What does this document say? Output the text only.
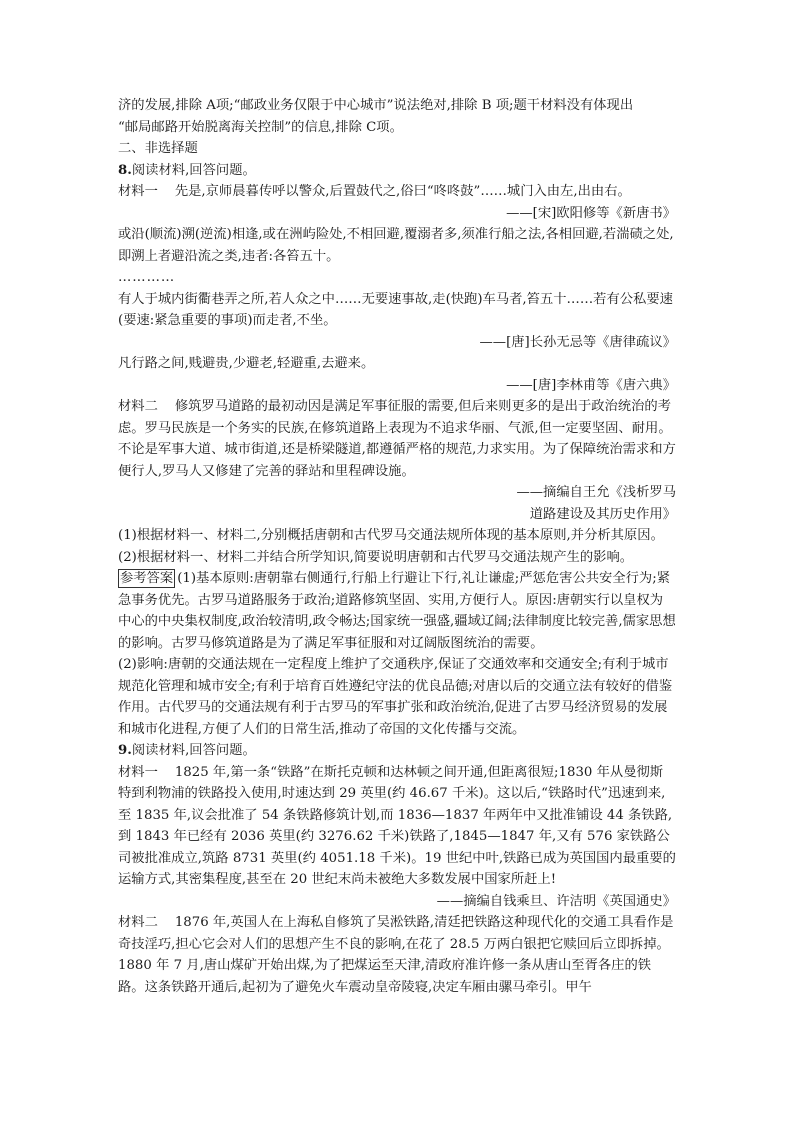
济的发展,排除 A项;“邮政业务仅限于中心城市”说法绝对,排除 B 项;题干材料没有体现出

“邮局邮路开始脱离海关控制”的信息,排除 C项。

二、非选择题

8.阅读材料,回答问题。

材料一 先是,京师晨暮传呼以警众,后置鼓代之,俗曰“咚咚鼓”……城门入由左,出由右。

——[宋]欧阳修等《新唐书》

或沿(顺流)溯(逆流)相逢,或在洲屿险处,不相回避,覆溺者多,须准行船之法,各相回避,若湍碛之处,即溯上者避沿流之类,违者:各笞五十。

…………

有人于城内街衢巷弄之所,若人众之中……无要速事故,走(快跑)车马者,笞五十……若有公私要速(要速:紧急重要的事项)而走者,不坐。

——[唐]长孙无忌等《唐律疏议》

凡行路之间,贱避贵,少避老,轻避重,去避来。

——[唐]李林甫等《唐六典》

材料二 修筑罗马道路的最初动因是满足军事征服的需要,但后来则更多的是出于政治统治的考虑。罗马民族是一个务实的民族,在修筑道路上表现为不追求华丽、气派,但一定要坚固、耐用。不论是军事大道、城市街道,还是桥梁隧道,都遵循严格的规范,力求实用。为了保障统治需求和方便行人,罗马人又修建了完善的驿站和里程碑设施。

——摘编自王允《浅析罗马

道路建设及其历史作用》

(1)根据材料一、材料二,分别概括唐朝和古代罗马交通法规所体现的基本原则,并分析其原因。

(2)根据材料一、材料二并结合所学知识,简要说明唐朝和古代罗马交通法规产生的影响。

参考答案 (1)基本原则:唐朝靠右侧通行,行船上行避让下行,礼让谦虚;严惩危害公共安全行为;紧急事务优先。古罗马道路服务于政治;道路修筑坚固、实用,方便行人。原因:唐朝实行以皇权为中心的中央集权制度,政治较清明,政令畅达;国家统一强盛,疆域辽阔;法律制度比较完善,儒家思想的影响。古罗马修筑道路是为了满足军事征服和对辽阔版图统治的需要。

(2)影响:唐朝的交通法规在一定程度上维护了交通秩序,保证了交通效率和交通安全;有利于城市规范化管理和城市安全;有利于培育百姓遵纪守法的优良品德;对唐以后的交通立法有较好的借鉴作用。古代罗马的交通法规有利于古罗马的军事扩张和政治统治,促进了古罗马经济贸易的发展和城市化进程,方便了人们的日常生活,推动了帝国的文化传播与交流。

9.阅读材料,回答问题。

材料一 1825 年,第一条“铁路”在斯托克顿和达林顿之间开通,但距离很短;1830 年从曼彻斯特到利物浦的铁路投入使用,时速达到 29 英里(约 46.67 千米)。这以后,“铁路时代”迅速到来,至 1835 年,议会批准了 54 条铁路修筑计划,而 1836—1837 年两年中又批准铺设 44 条铁路,到 1843 年已经有 2036 英里(约 3276.62 千米)铁路了,1845—1847 年,又有 576 家铁路公司被批准成立,筑路 8731 英里(约 4051.18 千米)。19 世纪中叶,铁路已成为英国国内最重要的运输方式,其密集程度,甚至在 20 世纪末尚未被绝大多数发展中国家所赶上!

——摘编自钱乘旦、许洁明《英国通史》

材料二 1876 年,英国人在上海私自修筑了吴淞铁路,清廷把铁路这种现代化的交通工具看作是奇技淫巧,担心它会对人们的思想产生不良的影响,在花了 28.5 万两白银把它赎回后立即拆掉。1880 年 7 月,唐山煤矿开始出煤,为了把煤运至天津,清政府准许修一条从唐山至胥各庄的铁路。这条铁路开通后,起初为了避免火车震动皇帝陵寝,决定车厢由骡马牵引。甲午
